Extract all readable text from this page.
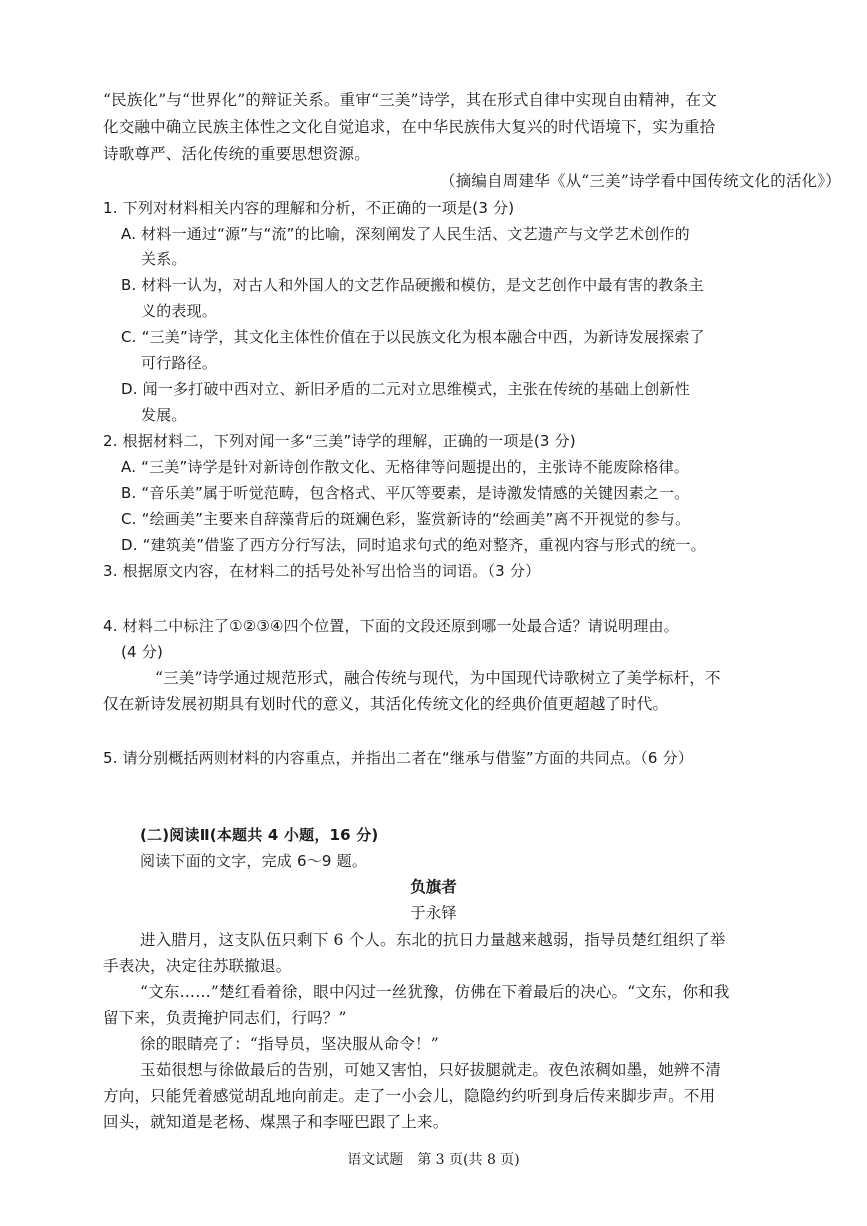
“民族化”与“世界化”的辩证关系。重审“三美”诗学，其在形式自律中实现自由精神，在文
化交融中确立民族主体性之文化自觉追求，在中华民族伟大复兴的时代语境下，实为重拾
诗歌尊严、活化传统的重要思想资源。
（摘编自周建华《从“三美”诗学看中国传统文化的活化》）
1. 下列对材料相关内容的理解和分析，不正确的一项是(3 分)
A. 材料一通过“源”与“流”的比喻，深刻阐发了人民生活、文艺遗产与文学艺术创作的
关系。
B. 材料一认为，对古人和外国人的文艺作品硬搬和模仿，是文艺创作中最有害的教条主
义的表现。
C. “三美”诗学，其文化主体性价值在于以民族文化为根本融合中西，为新诗发展探索了
可行路径。
D. 闻一多打破中西对立、新旧矛盾的二元对立思维模式，主张在传统的基础上创新性
发展。
2. 根据材料二，下列对闻一多“三美”诗学的理解，正确的一项是(3 分)
A. “三美”诗学是针对新诗创作散文化、无格律等问题提出的，主张诗不能废除格律。
B. “音乐美”属于听觉范畴，包含格式、平仄等要素，是诗激发情感的关键因素之一。
C. “绘画美”主要来自辞藻背后的斑斓色彩，鉴赏新诗的“绘画美”离不开视觉的参与。
D. “建筑美”借鉴了西方分行写法，同时追求句式的绝对整齐，重视内容与形式的统一。
3. 根据原文内容，在材料二的括号处补写出恰当的词语。（3 分）
4. 材料二中标注了①②③④四个位置，下面的文段还原到哪一处最合适？请说明理由。
(4 分)
“三美”诗学通过规范形式，融合传统与现代，为中国现代诗歌树立了美学标杆，不
仅在新诗发展初期具有划时代的意义，其活化传统文化的经典价值更超越了时代。
5. 请分别概括两则材料的内容重点，并指出二者在“继承与借鉴”方面的共同点。（6 分）
(二)阅读Ⅱ(本题共 4 小题，16 分)
阅读下面的文字，完成 6～9 题。
负旗者
于永铎
进入腊月，这支队伍只剩下 6 个人。东北的抗日力量越来越弱，指导员楚红组织了举
手表决，决定往苏联撤退。
“文东……”楚红看着徐，眼中闪过一丝犹豫，仿佛在下着最后的决心。“文东，你和我
留下来，负责掩护同志们，行吗？”
徐的眼睛亮了：“指导员，坚决服从命令！”
玉茹很想与徐做最后的告别，可她又害怕，只好拔腿就走。夜色浓稠如墨，她辨不清
方向，只能凭着感觉胡乱地向前走。走了一小会儿，隐隐约约听到身后传来脚步声。不用
回头，就知道是老杨、煤黑子和李哑巴跟了上来。
语文试题　第 3 页(共 8 页)
